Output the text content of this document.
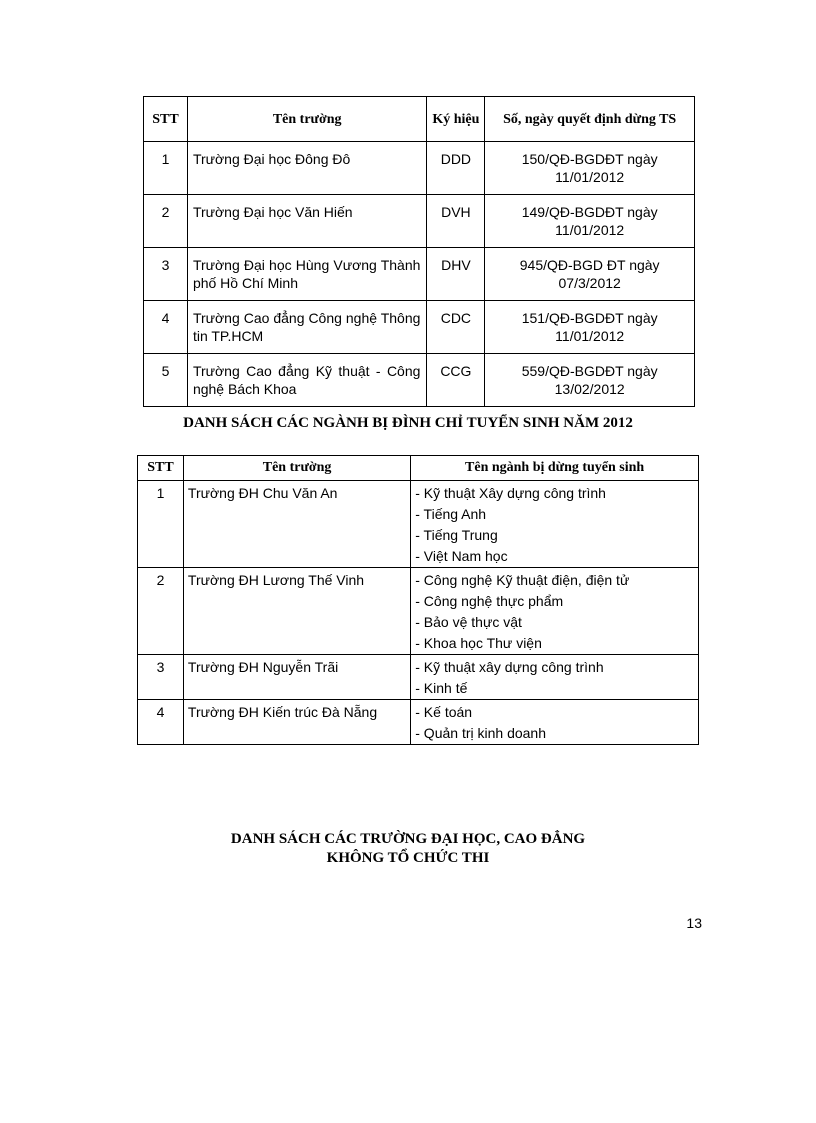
STT	Tên trường	Ký hiệu	Số, ngày quyết định dừng TS
1	Trường Đại học Đông Đô	DDD	150/QĐ-BGDĐT ngày 11/01/2012
2	Trường Đại học Văn Hiến	DVH	149/QĐ-BGDĐT ngày 11/01/2012
3	Trường Đại học Hùng Vương Thành phố Hồ Chí Minh	DHV	945/QĐ-BGD ĐT ngày 07/3/2012
4	Trường Cao đẳng Công nghệ Thông tin TP.HCM	CDC	151/QĐ-BGDĐT ngày 11/01/2012
5	Trường Cao đẳng Kỹ thuật - Công nghệ Bách Khoa	CCG	559/QĐ-BGDĐT ngày 13/02/2012
DANH SÁCH CÁC NGÀNH BỊ ĐÌNH CHỈ TUYỂN SINH NĂM 2012
STT	Tên trường	Tên ngành bị dừng tuyển sinh
1	Trường ĐH Chu Văn An	- Kỹ thuật Xây dựng công trình
- Tiếng Anh
- Tiếng Trung
- Việt Nam học

2	Trường ĐH Lương Thế Vinh	- Công nghệ Kỹ thuật điện, điện tử
- Công nghệ thực phẩm
- Bảo vệ thực vật
- Khoa học Thư viện

3	Trường ĐH Nguyễn Trãi	- Kỹ thuật xây dựng công trình
- Kinh tế

4	Trường ĐH Kiến trúc Đà Nẵng	- Kế toán
- Quản trị kinh doanh
DANH SÁCH CÁC TRƯỜNG ĐẠI HỌC, CAO ĐẲNG
KHÔNG TỔ CHỨC THI
13
